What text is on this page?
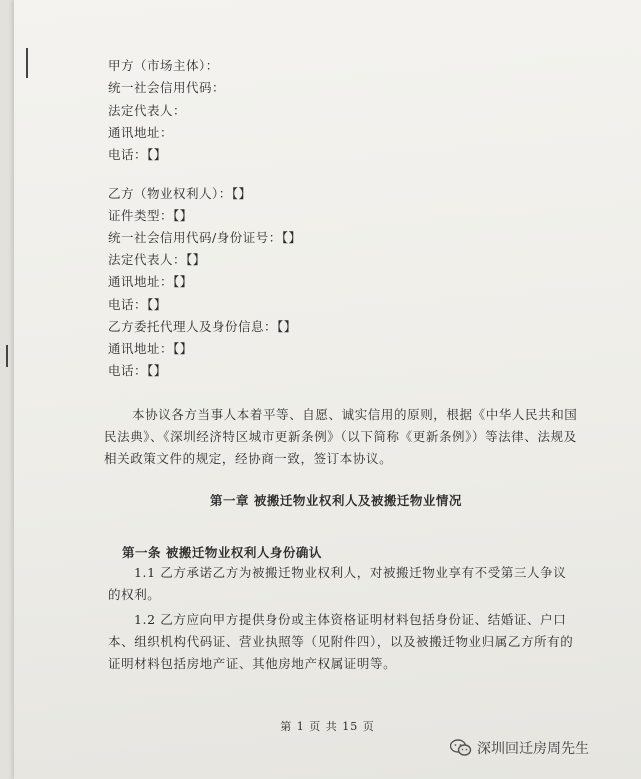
甲方（市场主体）：
统一社会信用代码：
法定代表人：
通讯地址：
电话：【】
乙方（物业权利人）：【】
证件类型：【】
统一社会信用代码/身份证号：【】
法定代表人：【】
通讯地址：【】
电话：【】
乙方委托代理人及身份信息：【】
通讯地址：【】
电话：【】
本协议各方当事人本着平等、自愿、诚实信用的原则，根据《中华人民共和国民法典》、《深圳经济特区城市更新条例》（以下简称《更新条例》）等法律、法规及相关政策文件的规定，经协商一致，签订本协议。
第一章 被搬迁物业权利人及被搬迁物业情况
第一条 被搬迁物业权利人身份确认
1.1 乙方承诺乙方为被搬迁物业权利人，对被搬迁物业享有不受第三人争议的权利。
1.2 乙方应向甲方提供身份或主体资格证明材料包括身份证、结婚证、户口本、组织机构代码证、营业执照等（见附件四），以及被搬迁物业归属乙方所有的证明材料包括房地产证、其他房地产权属证明等。
第 1 页 共 15 页
深圳回迁房周先生
